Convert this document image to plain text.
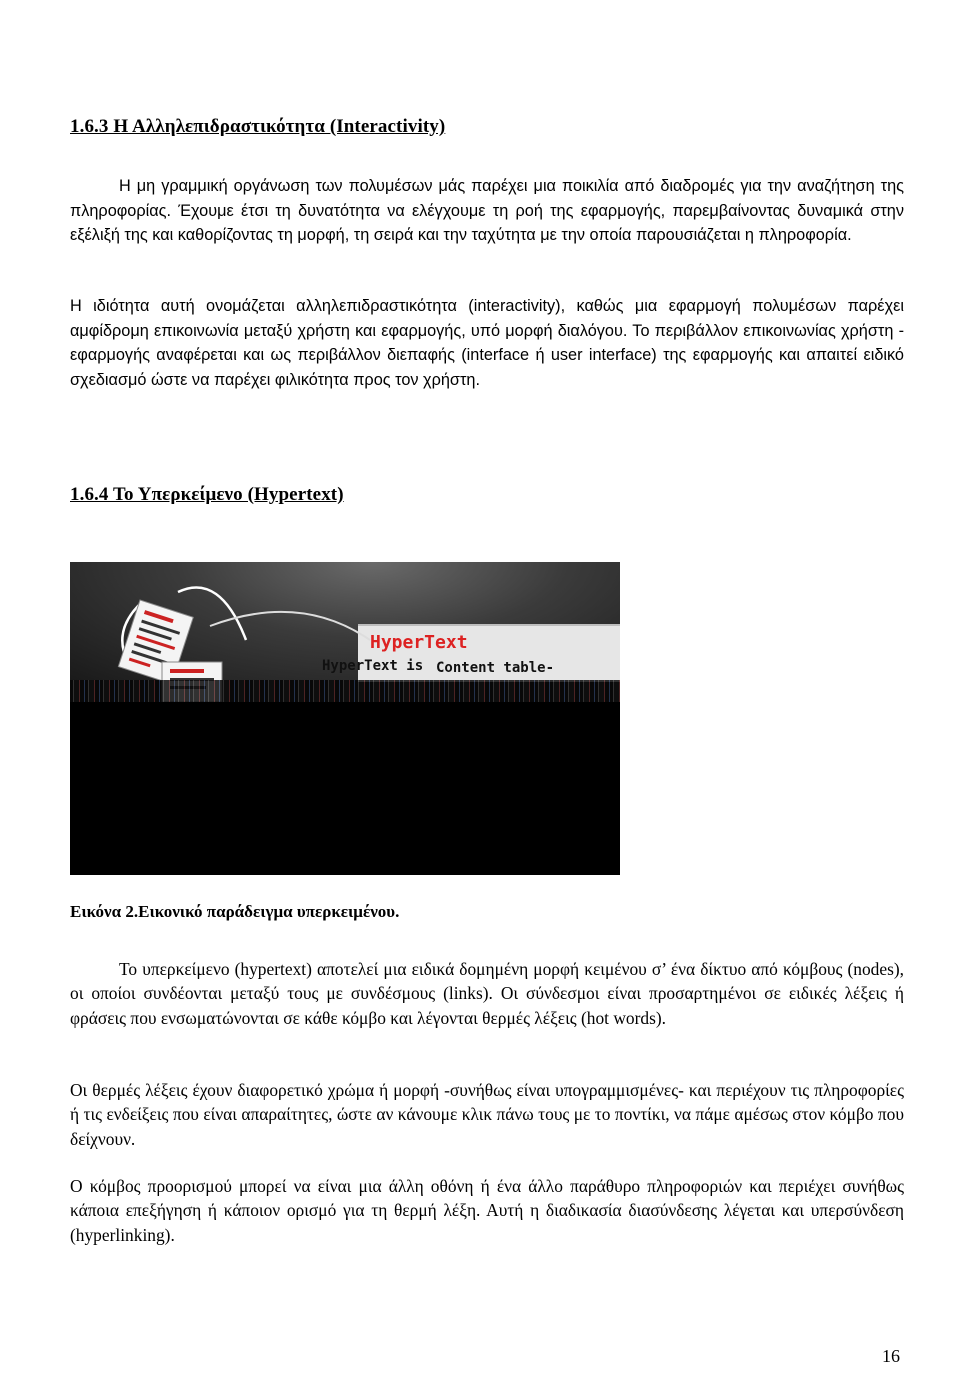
1.6.3 Η Αλληλεπιδραστικότητα (Interactivity)
Η μη γραμμική οργάνωση των πολυμέσων μάς παρέχει μια ποικιλία από διαδρομές για την αναζήτηση της πληροφορίας. Έχουμε έτσι τη δυνατότητα να ελέγχουμε τη ροή της εφαρμογής, παρεμβαίνοντας δυναμικά στην εξέλιξή της και καθορίζοντας τη μορφή, τη σειρά και την ταχύτητα με την οποία παρουσιάζεται η πληροφορία.
Η ιδιότητα αυτή ονομάζεται αλληλεπιδραστικότητα (interactivity), καθώς μια εφαρμογή πολυμέσων παρέχει αμφίδρομη επικοινωνία μεταξύ χρήστη και εφαρμογής, υπό μορφή διαλόγου. Το περιβάλλον επικοινωνίας χρήστη - εφαρμογής αναφέρεται και ως περιβάλλον διεπαφής (interface ή user interface) της εφαρμογής και απαιτεί ειδικό σχεδιασμό ώστε να παρέχει φιλικότητα προς τον χρήστη.
1.6.4 Το Υπερκείμενο (Hypertext)
HyperText
HyperText is Content table-
Εικόνα 2.Εικονικό παράδειγμα υπερκειμένου.
Το υπερκείμενο (hypertext) αποτελεί μια ειδικά δομημένη μορφή κειμένου σ’ ένα δίκτυο από κόμβους (nodes), οι οποίοι συνδέονται μεταξύ τους με συνδέσμους (links). Οι σύνδεσμοι είναι προσαρτημένοι σε ειδικές λέξεις ή φράσεις που ενσωματώνονται σε κάθε κόμβο και λέγονται θερμές λέξεις (hot words).
Οι θερμές λέξεις έχουν διαφορετικό χρώμα ή μορφή -συνήθως είναι υπογραμμισμένες- και περιέχουν τις πληροφορίες ή τις ενδείξεις που είναι απαραίτητες, ώστε αν κάνουμε κλικ πάνω τους με το ποντίκι, να πάμε αμέσως στον κόμβο που δείχνουν.
Ο κόμβος προορισμού μπορεί να είναι μια άλλη οθόνη ή ένα άλλο παράθυρο πληροφοριών και περιέχει συνήθως κάποια επεξήγηση ή κάποιον ορισμό για τη θερμή λέξη. Αυτή η διαδικασία διασύνδεσης λέγεται και υπερσύνδεση (hyperlinking).
16
